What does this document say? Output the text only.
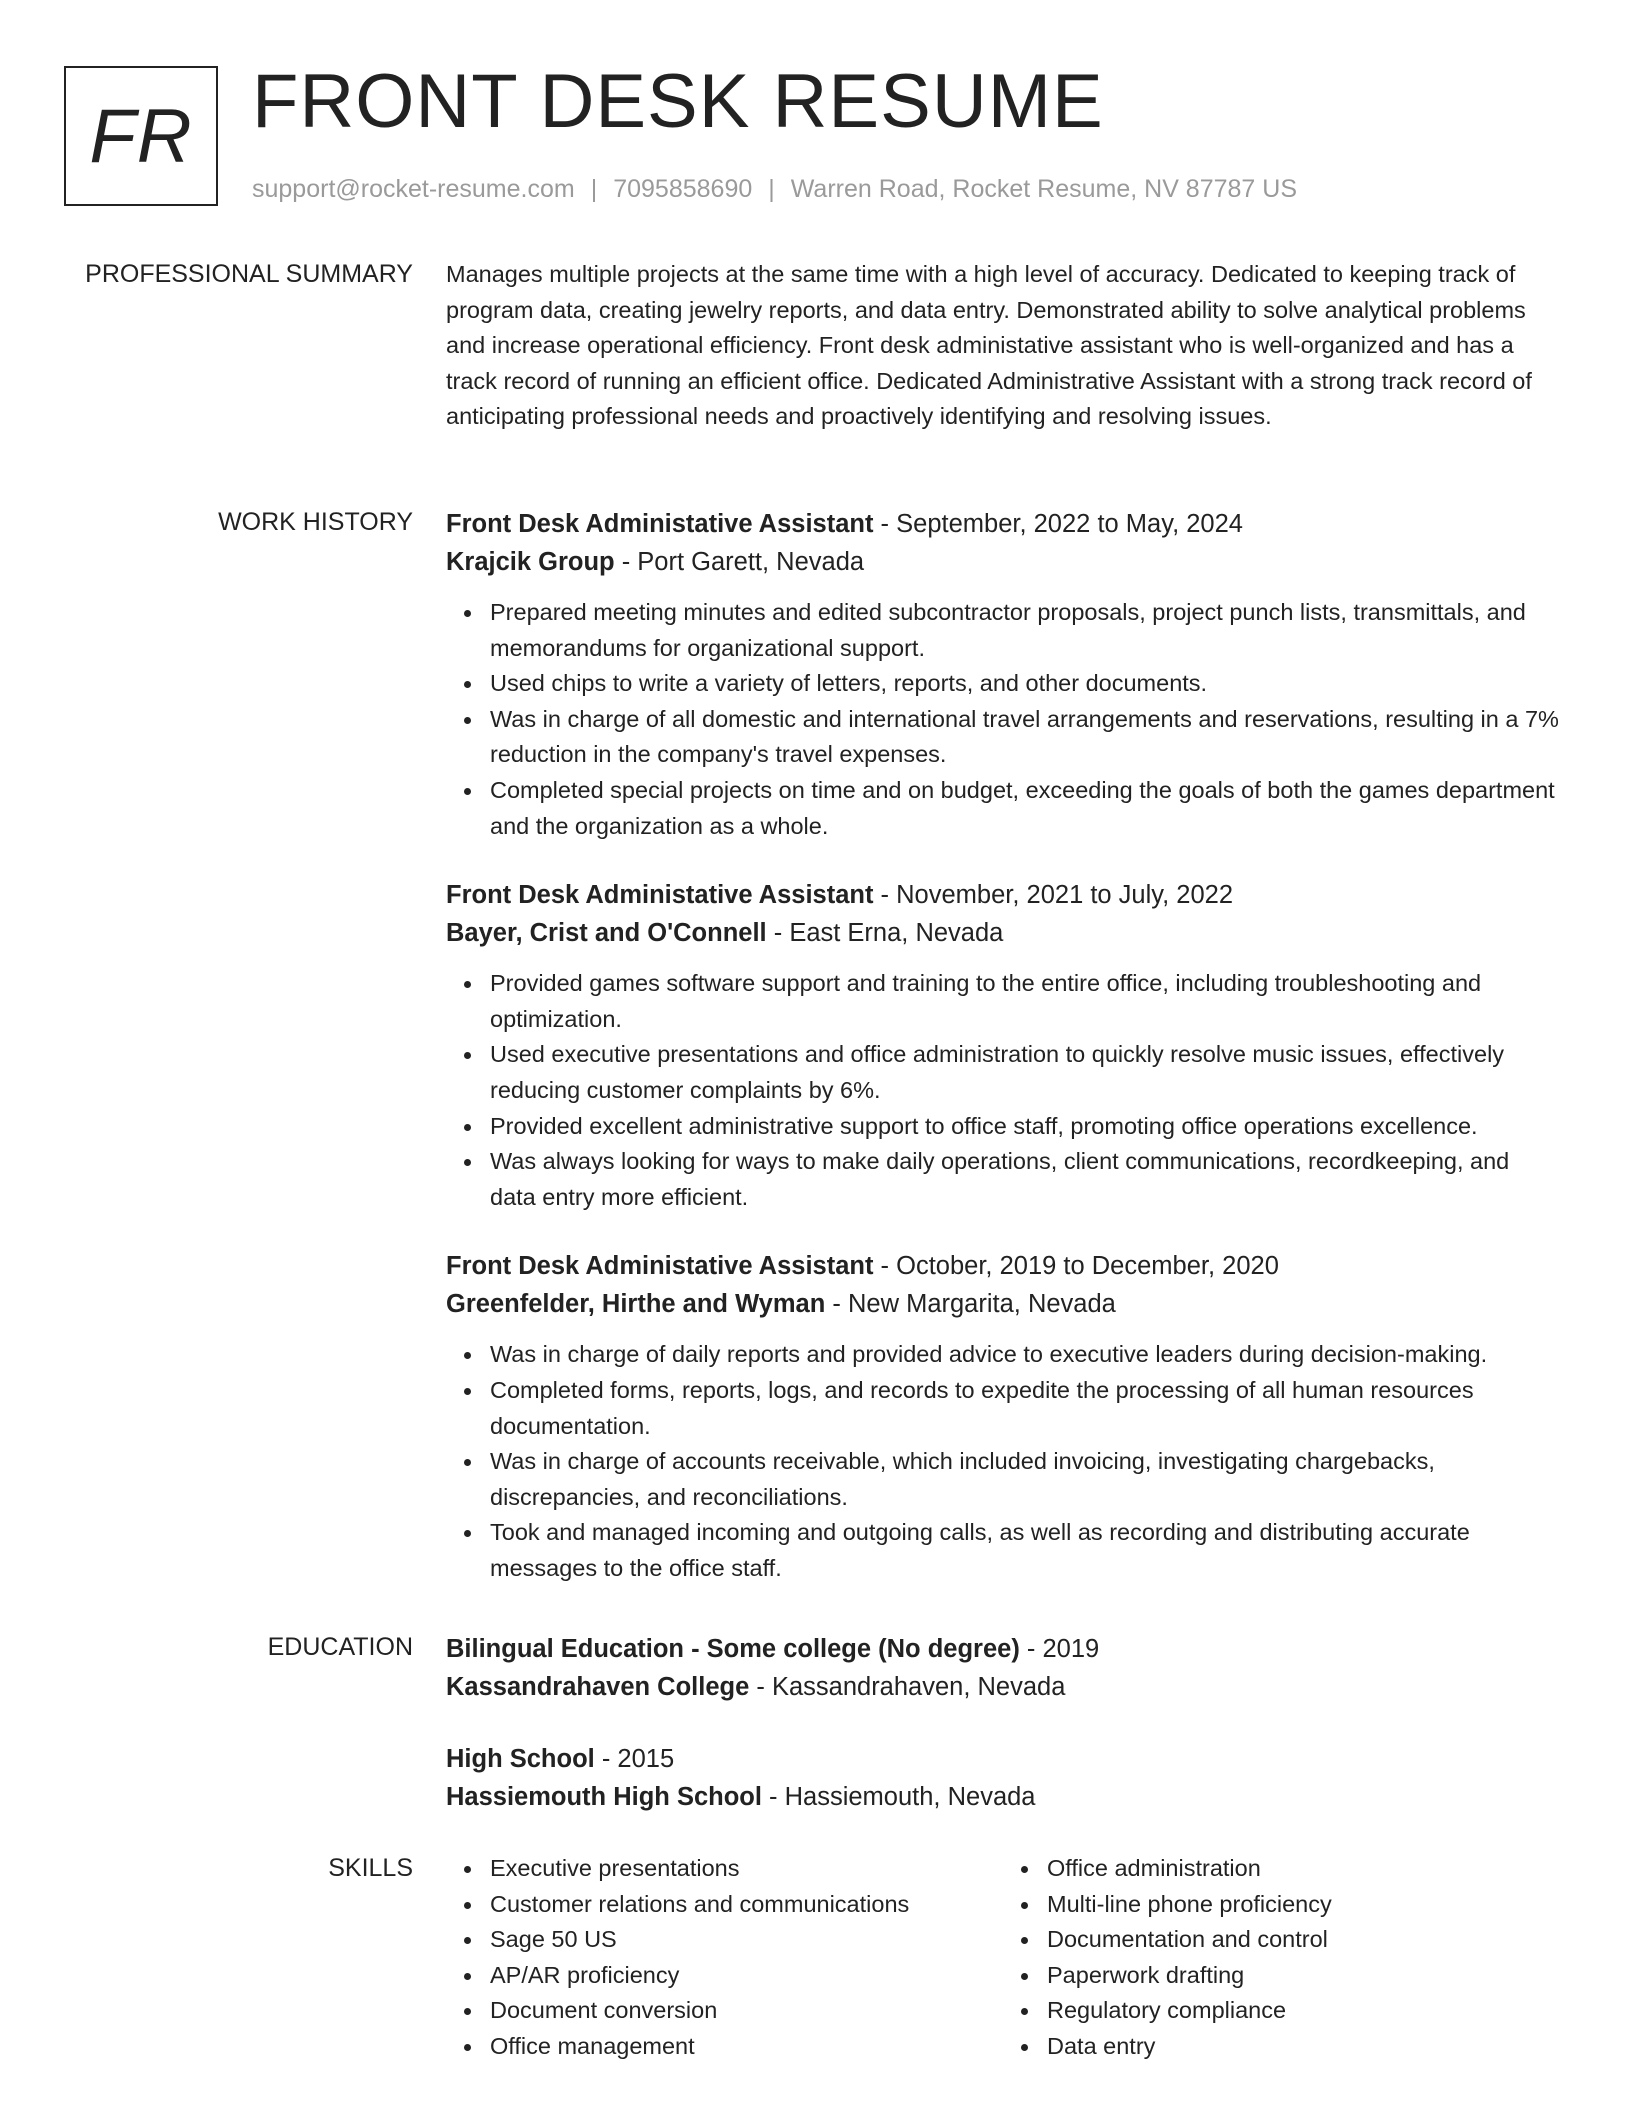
FR FRONT DESK RESUME
support@rocket-resume.com | 7095858690 | Warren Road, Rocket Resume, NV 87787 US
PROFESSIONAL SUMMARY Manages multiple projects at the same time with a high level of accuracy. Dedicated to keeping track of program data, creating jewelry reports, and data entry. Demonstrated ability to solve analytical problems and increase operational efficiency. Front desk administative assistant who is well-organized and has a track record of running an efficient office. Dedicated Administrative Assistant with a strong track record of anticipating professional needs and proactively identifying and resolving issues.

WORK HISTORY Front Desk Administative Assistant - September, 2022 to May, 2024
Krajcik Group - Port Garett, Nevada
Prepared meeting minutes and edited subcontractor proposals, project punch lists, transmittals, and memorandums for organizational support.
Used chips to write a variety of letters, reports, and other documents.
Was in charge of all domestic and international travel arrangements and reservations, resulting in a 7% reduction in the company's travel expenses.
Completed special projects on time and on budget, exceeding the goals of both the games department and the organization as a whole.
Front Desk Administative Assistant - November, 2021 to July, 2022
Bayer, Crist and O'Connell - East Erna, Nevada
Provided games software support and training to the entire office, including troubleshooting and optimization.
Used executive presentations and office administration to quickly resolve music issues, effectively reducing customer complaints by 6%.
Provided excellent administrative support to office staff, promoting office operations excellence.
Was always looking for ways to make daily operations, client communications, recordkeeping, and data entry more efficient.
Front Desk Administative Assistant - October, 2019 to December, 2020
Greenfelder, Hirthe and Wyman - New Margarita, Nevada
Was in charge of daily reports and provided advice to executive leaders during decision-making.
Completed forms, reports, logs, and records to expedite the processing of all human resources documentation.
Was in charge of accounts receivable, which included invoicing, investigating chargebacks, discrepancies, and reconciliations.
Took and managed incoming and outgoing calls, as well as recording and distributing accurate messages to the office staff.
EDUCATION Bilingual Education - Some college (No degree) - 2019
Kassandrahaven College - Kassandrahaven, Nevada
High School - 2015
Hassiemouth High School - Hassiemouth, Nevada
SKILLS	Executive presentations
Customer relations and communications
Sage 50 US
AP/AR proficiency
Document conversion
Office management
Office administration
Multi-line phone proficiency
Documentation and control
Paperwork drafting
Regulatory compliance
Data entry
